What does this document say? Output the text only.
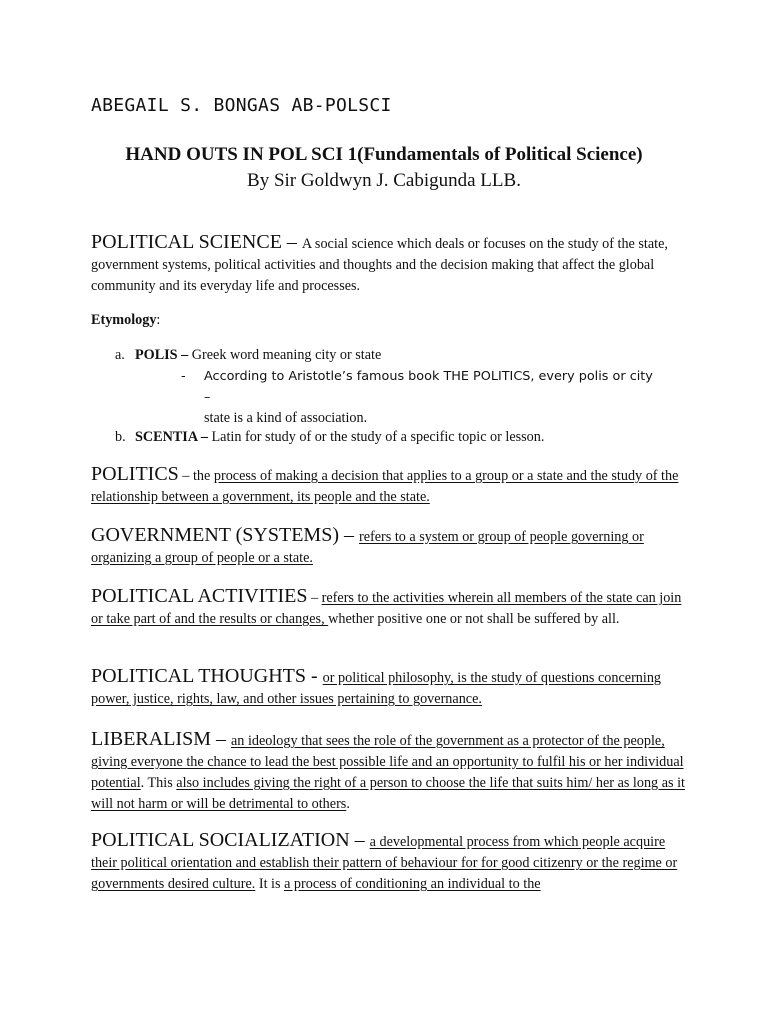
ABEGAIL S. BONGAS AB-POLSCI
HAND OUTS IN POL SCI 1(Fundamentals of Political Science)

By Sir Goldwyn J. Cabigunda LLB.

POLITICAL SCIENCE – A social science which deals or focuses on the study of the state, government systems, political activities and thoughts and the decision making that affect the global community and its everyday life and processes.

Etymology:

a. POLIS – Greek word meaning city or state

-	According to Aristotle’s famous book THE POLITICS, every polis or city –
state is a kind of association.

b. SCENTIA – Latin for study of or the study of a specific topic or lesson.

POLITICS – the process of making a decision that applies to a group or a state and the study of the relationship between a government, its people and the state.

GOVERNMENT (SYSTEMS) – refers to a system or group of people governing or organizing a group of people or a state.

POLITICAL ACTIVITIES – refers to the activities wherein all members of the state can join or take part of and the results or changes, whether positive one or not shall be suffered by all.

POLITICAL THOUGHTS - or political philosophy, is the study of questions concerning power, justice, rights, law, and other issues pertaining to governance.

LIBERALISM – an ideology that sees the role of the government as a protector of the people, giving everyone the chance to lead the best possible life and an opportunity to fulfil his or her individual potential. This also includes giving the right of a person to choose the life that suits him/ her as long as it will not harm or will be detrimental to others.

POLITICAL SOCIALIZATION – a developmental process from which people acquire their political orientation and establish their pattern of behaviour for for good citizenry or the regime or governments desired culture. It is a process of conditioning an individual to the
